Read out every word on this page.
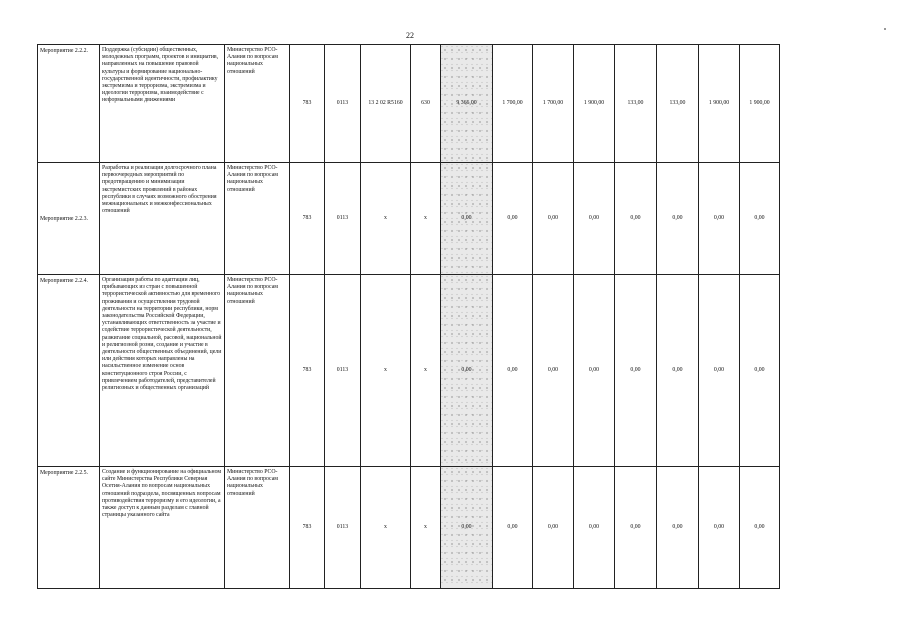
22
Мероприятие 2.2.2.	Поддержка (субсидии) общественных, молодежных программ, проектов и инициатив, направленных на повышение правовой культуры и формирование национально-государственной идентичности, профилактику экстремизма и терроризма, экстремизма и идеологии терроризма, взаимодействие с неформальными движениями	Министерство РСО-Алания по вопросам национальных отношений	783	0113	13 2 02 R5160	630	9 366,00	1 700,00	1 700,00	1 900,00	133,00	133,00	1 900,00	1 900,00
Мероприятие 2.2.3.	Разработка и реализация долгосрочного плана первоочередных мероприятий по предотвращению и минимизации экстремистских проявлений в районах республики в случаях возможного обострения межнациональных и межконфессиональных отношений	Министерство РСО-Алания по вопросам национальных отношений	783	0113	x	x	0,00	0,00	0,00	0,00	0,00	0,00	0,00	0,00
Мероприятие 2.2.4.	Организация работы по адаптации лиц, прибывающих из стран с повышенной террористической активностью для временного проживания и осуществления трудовой деятельности на территории республики, норм законодательства Российской Федерации, устанавливающих ответственность за участие и содействие террористической деятельности, разжигание социальной, расовой, национальной и религиозной розни, создание и участие в деятельности общественных объединений, цели или действия которых направлены на насильственное изменение основ конституционного строя России, с привлечением работодателей, представителей религиозных и общественных организаций	Министерство РСО-Алания по вопросам национальных отношений	783	0113	x	x	0,00	0,00	0,00	0,00	0,00	0,00	0,00	0,00
Мероприятие 2.2.5.	Создание и функционирование на официальном сайте Министерства Республики Северная Осетия-Алания по вопросам национальных отношений подраздела, посвященных вопросам противодействия терроризму и его идеологии, а также доступ к данным разделам с главной страницы указанного сайта	Министерство РСО-Алания по вопросам национальных отношений	783	0113	x	x	0,00	0,00	0,00	0,00	0,00	0,00	0,00	0,00
